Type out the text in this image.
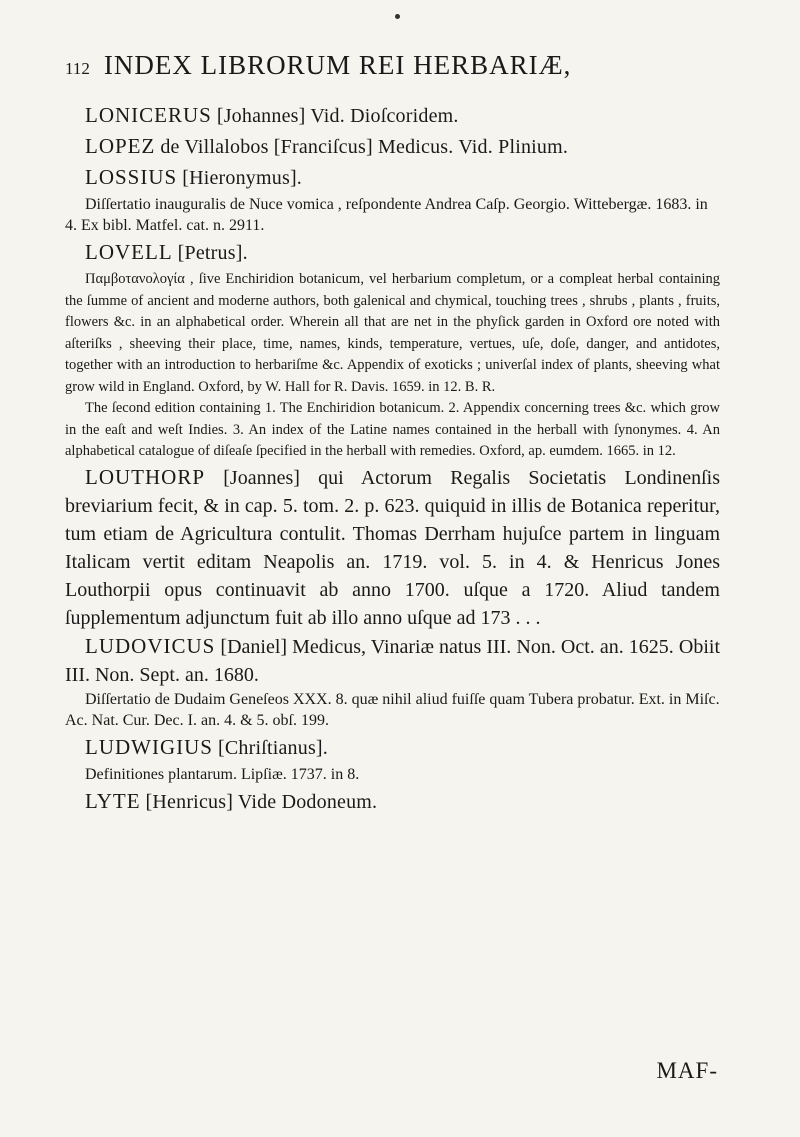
112 INDEX LIBRORUM REI HERBARIÆ,

LONICERUS [Johannes] Vid. Dioſcoridem.

LOPEZ de Villalobos [Franciſcus] Medicus. Vid. Plinium.

LOSSIUS [Hieronymus].

Diſſertatio inauguralis de Nuce vomica , reſpondente Andrea Caſp. Georgio. Wittebergæ. 1683. in 4. Ex bibl. Matfel. cat. n. 2911.

LOVELL [Petrus].

Παμβοτανολογία , ſive Enchiridion botanicum, vel herbarium completum, or a compleat herbal containing the ſumme of ancient and moderne authors, both galenical and chymical, touching trees , shrubs , plants , fruits, flowers &c. in an alphabetical order. Wherein all that are net in the phyſick garden in Oxford ore noted with aſteriſks , sheeving their place, time, names, kinds, temperature, vertues, uſe, doſe, danger, and antidotes, together with an introduction to herbariſme &c. Appendix of exoticks ; univerſal index of plants, sheeving what grow wild in England. Oxford, by W. Hall for R. Davis. 1659. in 12. B. R.

The ſecond edition containing 1. The Enchiridion botanicum. 2. Appendix concerning trees &c. which grow in the eaſt and weſt Indies. 3. An index of the Latine names contained in the herball with ſynonymes. 4. An alphabetical catalogue of diſeaſe ſpecified in the herball with remedies. Oxford, ap. eumdem. 1665. in 12.

LOUTHORP [Joannes] qui Actorum Regalis Societatis Londinenſis breviarium fecit, & in cap. 5. tom. 2. p. 623. quiquid in illis de Botanica reperitur, tum etiam de Agricultura contulit. Thomas Derrham hujuſce partem in linguam Italicam vertit editam Neapolis an. 1719. vol. 5. in 4. & Henricus Jones Louthorpii opus continuavit ab anno 1700. uſque a 1720. Aliud tandem ſupplementum adjunctum fuit ab illo anno uſque ad 173 . . .

LUDOVICUS [Daniel] Medicus, Vinariæ natus III. Non. Oct. an. 1625. Obiit III. Non. Sept. an. 1680.

Diſſertatio de Dudaim Geneſeos XXX. 8. quæ nihil aliud fuiſſe quam Tubera probatur. Ext. in Miſc. Ac. Nat. Cur. Dec. I. an. 4. & 5. obſ. 199.

LUDWIGIUS [Chriſtianus].

Definitiones plantarum. Lipſiæ. 1737. in 8.

LYTE [Henricus] Vide Dodoneum.

MAF-
